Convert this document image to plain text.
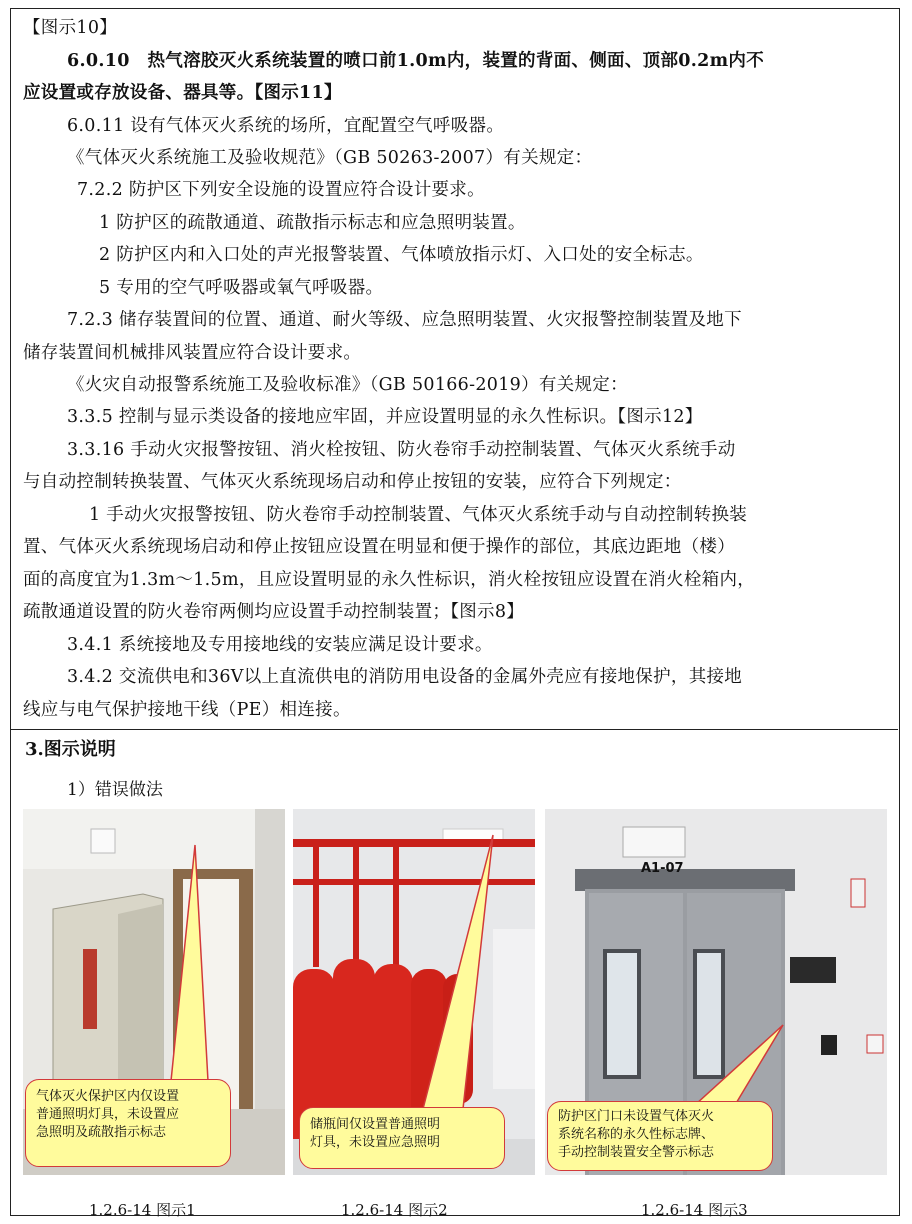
【图示10】
6.0.10　热气溶胶灭火系统装置的喷口前1.0m内，装置的背面、侧面、顶部0.2m内不
应设置或存放设备、器具等。【图示11】
6.0.11 设有气体灭火系统的场所，宜配置空气呼吸器。
《气体灭火系统施工及验收规范》（GB 50263-2007）有关规定：
7.2.2 防护区下列安全设施的设置应符合设计要求。
1 防护区的疏散通道、疏散指示标志和应急照明装置。
2 防护区内和入口处的声光报警装置、气体喷放指示灯、入口处的安全标志。
5 专用的空气呼吸器或氧气呼吸器。
7.2.3 储存装置间的位置、通道、耐火等级、应急照明装置、火灾报警控制装置及地下
储存装置间机械排风装置应符合设计要求。
《火灾自动报警系统施工及验收标准》（GB 50166-2019）有关规定：
3.3.5 控制与显示类设备的接地应牢固，并应设置明显的永久性标识。【图示12】
3.3.16 手动火灾报警按钮、消火栓按钮、防火卷帘手动控制装置、气体灭火系统手动
与自动控制转换装置、气体灭火系统现场启动和停止按钮的安装，应符合下列规定：
1 手动火灾报警按钮、防火卷帘手动控制装置、气体灭火系统手动与自动控制转换装
置、气体灭火系统现场启动和停止按钮应设置在明显和便于操作的部位，其底边距地（楼）
面的高度宜为1.3m～1.5m，且应设置明显的永久性标识，消火栓按钮应设置在消火栓箱内，
疏散通道设置的防火卷帘两侧均应设置手动控制装置；【图示8】
3.4.1 系统接地及专用接地线的安装应满足设计要求。
3.4.2 交流供电和36V以上直流供电的消防用电设备的金属外壳应有接地保护，其接地
线应与电气保护接地干线（PE）相连接。
3.图示说明
1）错误做法
气体灭火保护区内仅设置
普通照明灯具，未设置应
急照明及疏散指示标志
储瓶间仅设置普通照明
灯具，未设置应急照明
A1-07
防护区门口未设置气体灭火
系统名称的永久性标志牌、
手动控制装置安全警示标志
1.2.6-14 图示1	1.2.6-14 图示2	1.2.6-14 图示3
